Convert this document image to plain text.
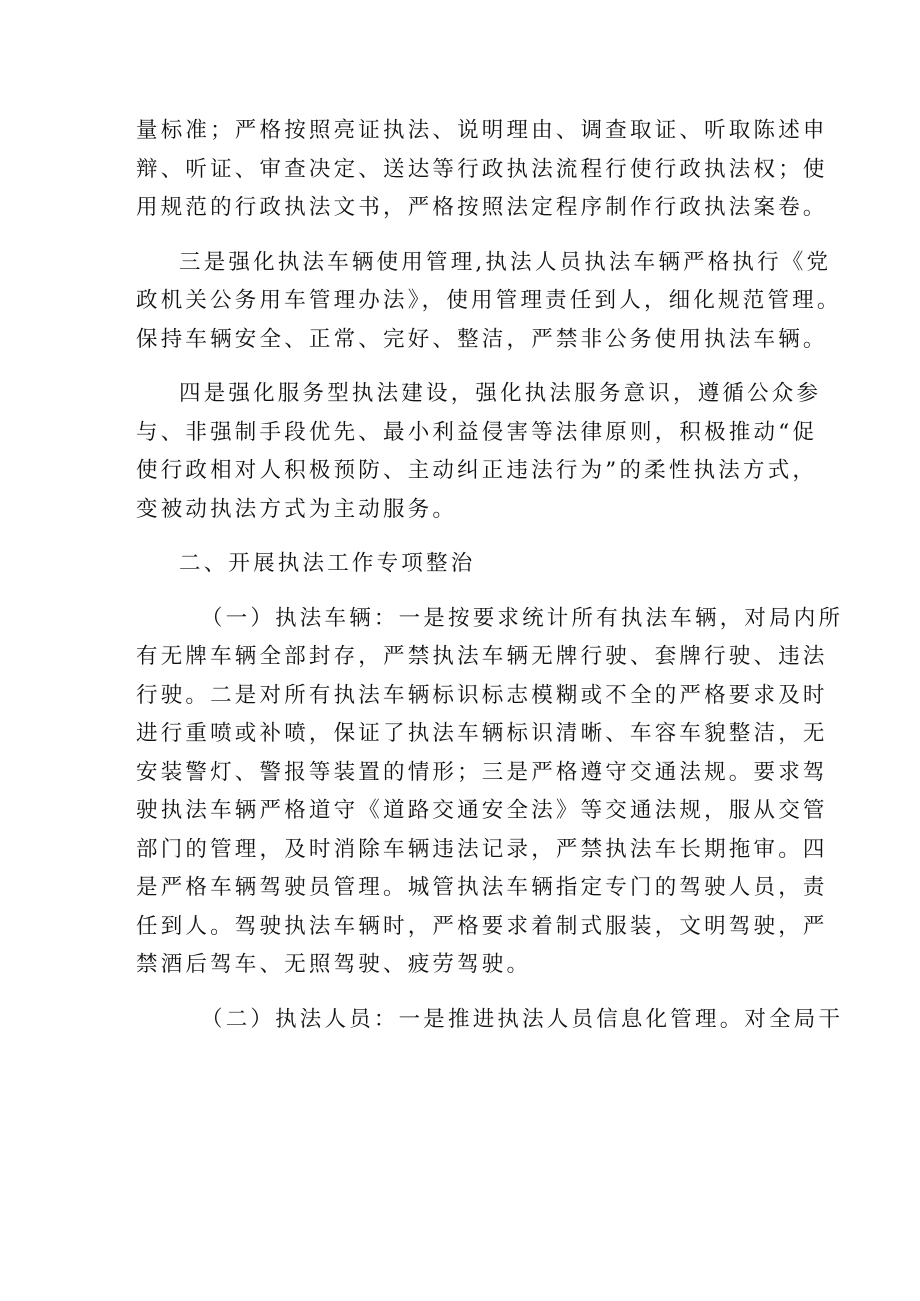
量标准；严格按照亮证执法、说明理由、调查取证、听取陈述申
辩、听证、审查决定、送达等行政执法流程行使行政执法权；使
用规范的行政执法文书，严格按照法定程序制作行政执法案卷。
三是强化执法车辆使用管理,执法人员执法车辆严格执行《党
政机关公务用车管理办法》，使用管理责任到人，细化规范管理。
保持车辆安全、正常、完好、整洁，严禁非公务使用执法车辆。
四是强化服务型执法建设，强化执法服务意识，遵循公众参
与、非强制手段优先、最小利益侵害等法律原则，积极推动“促
使行政相对人积极预防、主动纠正违法行为”的柔性执法方式，
变被动执法方式为主动服务。
二、开展执法工作专项整治
（一）执法车辆：一是按要求统计所有执法车辆，对局内所
有无牌车辆全部封存，严禁执法车辆无牌行驶、套牌行驶、违法
行驶。二是对所有执法车辆标识标志模糊或不全的严格要求及时
进行重喷或补喷，保证了执法车辆标识清晰、车容车貌整洁，无
安装警灯、警报等装置的情形；三是严格遵守交通法规。要求驾
驶执法车辆严格道守《道路交通安全法》等交通法规，服从交管
部门的管理，及时消除车辆违法记录，严禁执法车长期拖审。四
是严格车辆驾驶员管理。城管执法车辆指定专门的驾驶人员，责
任到人。驾驶执法车辆时，严格要求着制式服装，文明驾驶，严
禁酒后驾车、无照驾驶、疲劳驾驶。
（二）执法人员：一是推进执法人员信息化管理。对全局干
